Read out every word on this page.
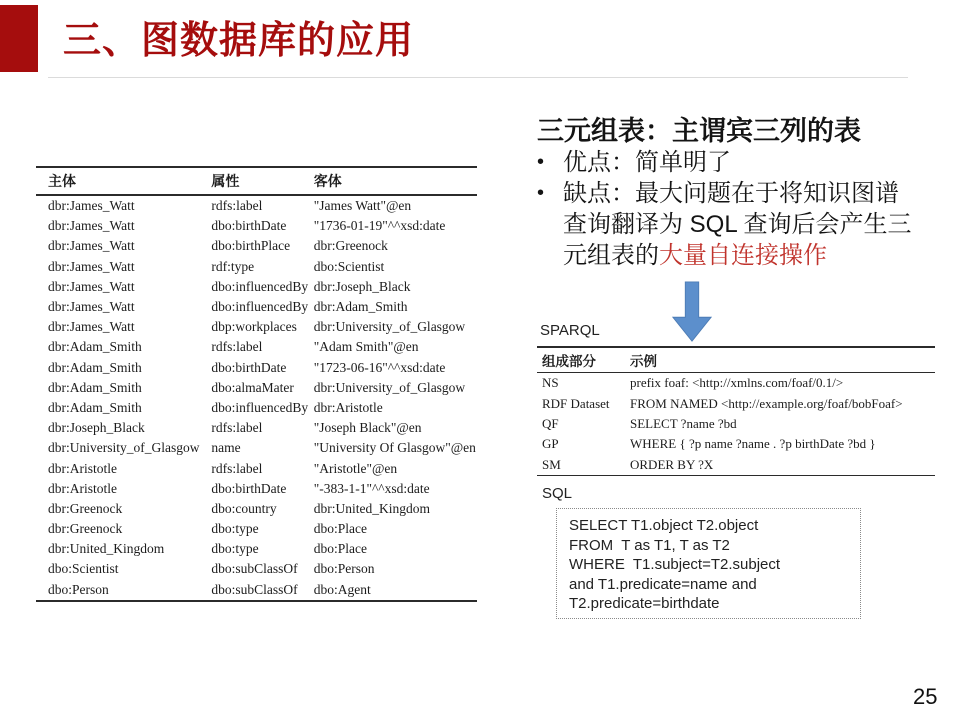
三、图数据库的应用
主体	属性	客体
dbr:James_Watt	rdfs:label	"James Watt"@en
dbr:James_Watt	dbo:birthDate	"1736-01-19"^^xsd:date
dbr:James_Watt	dbo:birthPlace	dbr:Greenock
dbr:James_Watt	rdf:type	dbo:Scientist
dbr:James_Watt	dbo:influencedBy	dbr:Joseph_Black
dbr:James_Watt	dbo:influencedBy	dbr:Adam_Smith
dbr:James_Watt	dbp:workplaces	dbr:University_of_Glasgow
dbr:Adam_Smith	rdfs:label	"Adam Smith"@en
dbr:Adam_Smith	dbo:birthDate	"1723-06-16"^^xsd:date
dbr:Adam_Smith	dbo:almaMater	dbr:University_of_Glasgow
dbr:Adam_Smith	dbo:influencedBy	dbr:Aristotle
dbr:Joseph_Black	rdfs:label	"Joseph Black"@en
dbr:University_of_Glasgow	name	"University Of Glasgow"@en
dbr:Aristotle	rdfs:label	"Aristotle"@en
dbr:Aristotle	dbo:birthDate	"-383-1-1"^^xsd:date
dbr:Greenock	dbo:country	dbr:United_Kingdom
dbr:Greenock	dbo:type	dbo:Place
dbr:United_Kingdom	dbo:type	dbo:Place
dbo:Scientist	dbo:subClassOf	dbo:Person
dbo:Person	dbo:subClassOf	dbo:Agent
三元组表：主谓宾三列的表
• 优点：简单明了
• 缺点：最大问题在于将知识图谱
查询翻译为 SQL 查询后会产生三
元组表的大量自连接操作
SPARQL
组成部分	示例
NS	prefix foaf: <http://xmlns.com/foaf/0.1/>
RDF Dataset	FROM NAMED <http://example.org/foaf/bobFoaf>
QF	SELECT ?name ?bd
GP	WHERE { ?p name ?name . ?p birthDate ?bd }
SM	ORDER BY ?X
SQL
SELECT T1.object T2.object
FROM  T as T1, T as T2
WHERE  T1.subject=T2.subject
and T1.predicate=name and
T2.predicate=birthdate
25
